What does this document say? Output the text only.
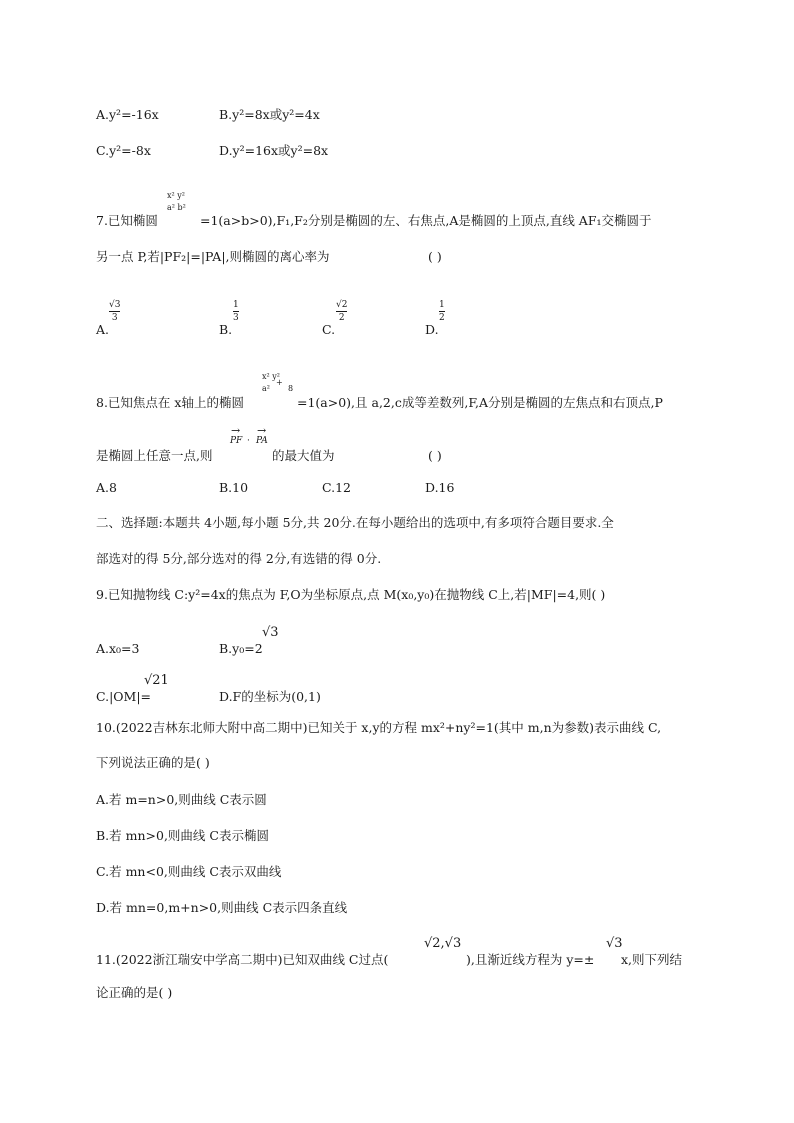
A.y²=-16x	B.y²=8x或y²=4x
C.y²=-8x	D.y²=16x或y²=8x
7.已知椭圆
x² y²
a² b²
=1(a>b>0),F₁,F₂分别是椭圆的左、右焦点,A是椭圆的上顶点,直线 AF₁交椭圆于
另一点 P,若|PF₂|=|PA|,则椭圆的离心率为	( )
A.
√3
3
B.
1
3
C.
√2
2
D.
1
2
8.已知焦点在 x轴上的椭圆
x² y²
+
a² 8
=1(a>0),且 a,2,c成等差数列,F,A分别是椭圆的左焦点和右顶点,P
是椭圆上任意一点,则
→
PF ·
→
PA
的最大值为	( )
A.8	B.10	C.12	D.16
二、选择题:本题共 4小题,每小题 5分,共 20分.在每小题给出的选项中,有多项符合题目要求.全
部选对的得 5分,部分选对的得 2分,有选错的得 0分.
9.已知抛物线 C:y²=4x的焦点为 F,O为坐标原点,点 M(x₀,y₀)在抛物线 C上,若|MF|=4,则( )
A.x₀=3	B.y₀=2
√3
C.|OM|=
√21
D.F的坐标为(0,1)
10.(2022吉林东北师大附中高二期中)已知关于 x,y的方程 mx²+ny²=1(其中 m,n为参数)表示曲线 C,
下列说法正确的是( )
A.若 m=n>0,则曲线 C表示圆
B.若 mn>0,则曲线 C表示椭圆
C.若 mn<0,则曲线 C表示双曲线
D.若 mn=0,m+n>0,则曲线 C表示四条直线
11.(2022浙江瑞安中学高二期中)已知双曲线 C过点(
√2,√3
),且渐近线方程为 y=±
√3
x,则下列结
论正确的是( )
